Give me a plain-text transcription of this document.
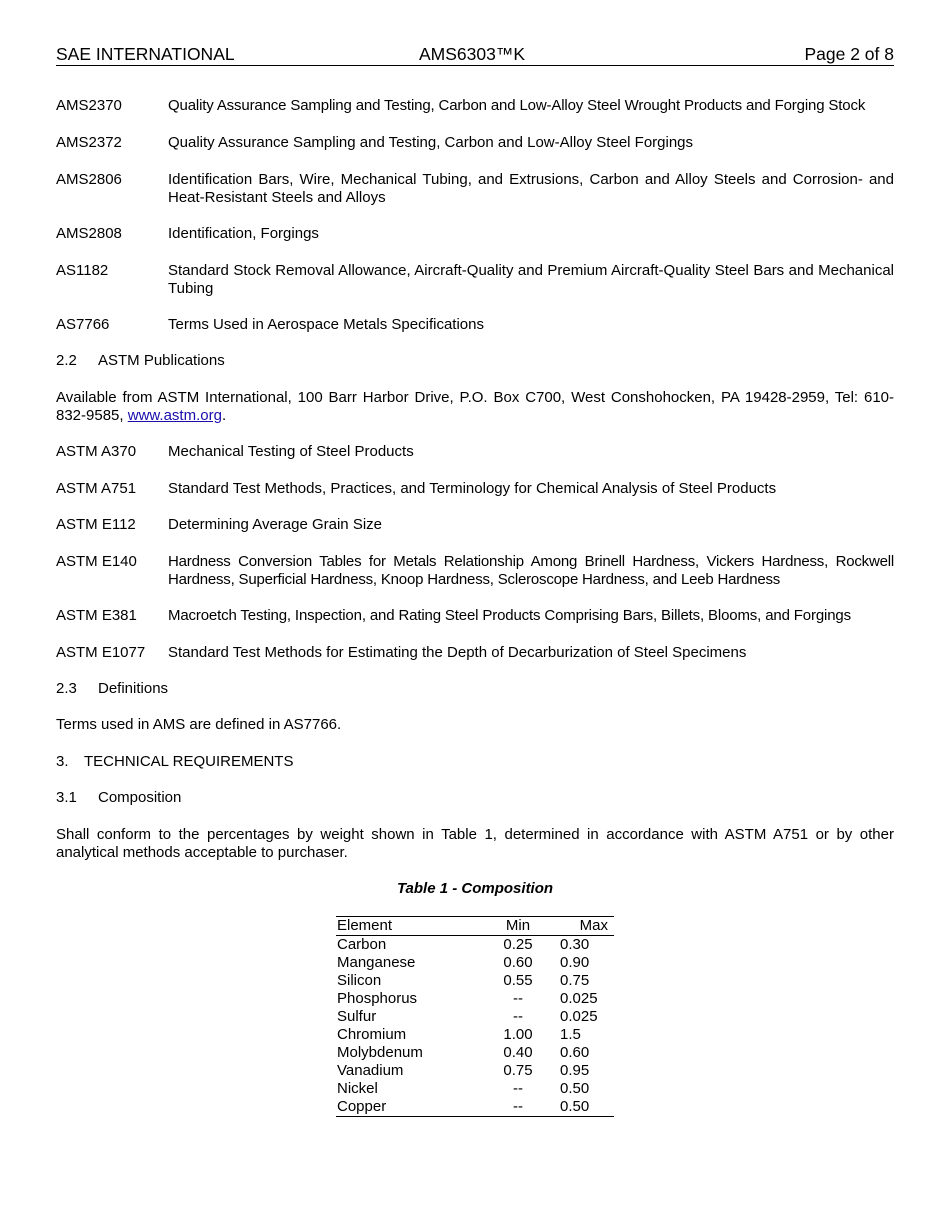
SAE INTERNATIONAL	AMS6303™K	Page 2 of 8
AMS2370	Quality Assurance Sampling and Testing, Carbon and Low-Alloy Steel Wrought Products and Forging Stock
AMS2372	Quality Assurance Sampling and Testing, Carbon and Low-Alloy Steel Forgings
AMS2806	Identification Bars, Wire, Mechanical Tubing, and Extrusions, Carbon and Alloy Steels and Corrosion- and Heat-Resistant Steels and Alloys
AMS2808	Identification, Forgings
AS1182	Standard Stock Removal Allowance, Aircraft-Quality and Premium Aircraft-Quality Steel Bars and Mechanical Tubing
AS7766	Terms Used in Aerospace Metals Specifications
2.2 ASTM Publications
Available from ASTM International, 100 Barr Harbor Drive, P.O. Box C700, West Conshohocken, PA 19428-2959, Tel: 610-832-9585, www.astm.org.
ASTM A370 Mechanical Testing of Steel Products
ASTM A751 Standard Test Methods, Practices, and Terminology for Chemical Analysis of Steel Products
ASTM E112 Determining Average Grain Size
ASTM E140 Hardness Conversion Tables for Metals Relationship Among Brinell Hardness, Vickers Hardness, Rockwell Hardness, Superficial Hardness, Knoop Hardness, Scleroscope Hardness, and Leeb Hardness
ASTM E381 Macroetch Testing, Inspection, and Rating Steel Products Comprising Bars, Billets, Blooms, and Forgings
ASTM E1077 Standard Test Methods for Estimating the Depth of Decarburization of Steel Specimens
2.3 Definitions
Terms used in AMS are defined in AS7766.
3. TECHNICAL REQUIREMENTS
3.1 Composition
Shall conform to the percentages by weight shown in Table 1, determined in accordance with ASTM A751 or by other analytical methods acceptable to purchaser.
Table 1 - Composition
Element	Min	Max
Carbon	0.25	0.30
Manganese	0.60	0.90
Silicon	0.55	0.75
Phosphorus	--	0.025
Sulfur	--	0.025
Chromium	1.00	1.5
Molybdenum	0.40	0.60
Vanadium	0.75	0.95
Nickel	--	0.50
Copper	--	0.50
